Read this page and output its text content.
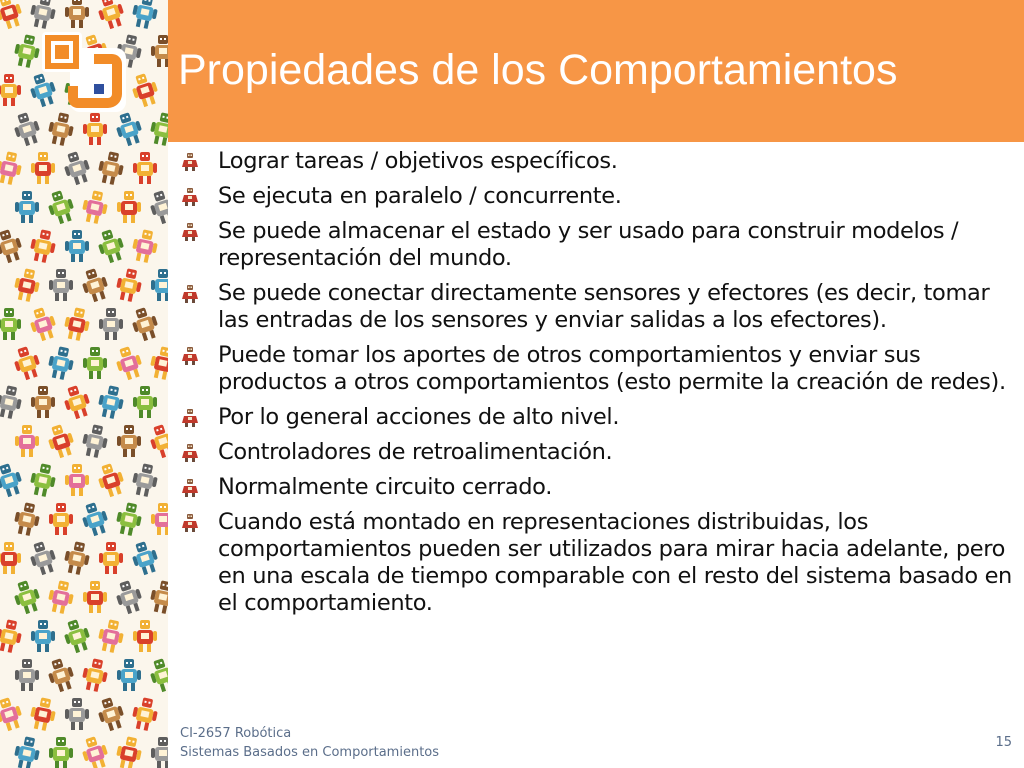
Propiedades de los Comportamientos
Lograr tareas / objetivos específicos.
Se ejecuta en paralelo / concurrente.
Se puede almacenar el estado y ser usado para construir modelos / representación del mundo.
Se puede conectar directamente sensores y efectores (es decir, tomar las entradas de los sensores y enviar salidas a los efectores).
Puede tomar los aportes de otros comportamientos y enviar sus productos a otros comportamientos (esto permite la creación de redes).
Por lo general acciones de alto nivel.
Controladores de retroalimentación.
Normalmente circuito cerrado.
Cuando está montado en representaciones distribuidas, los comportamientos pueden ser utilizados para mirar hacia adelante, pero en una escala de tiempo comparable con el resto del sistema basado en el comportamiento.
CI-2657 Robótica
Sistemas Basados en Comportamientos
15
